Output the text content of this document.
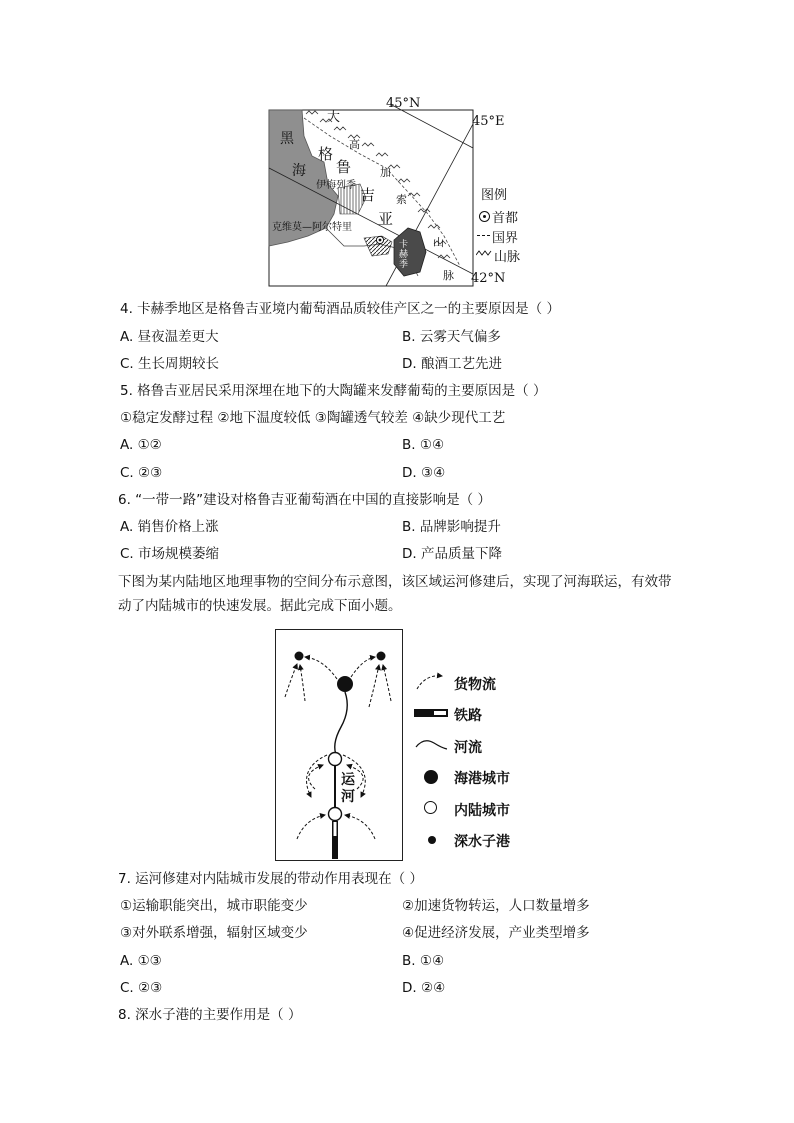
45°N
45°E
42°N
黑
海
大
高
加
索
山
脉
格
鲁
吉
亚
伊梅列季
克维莫—阿尔特里
卡赫季
图例
首都
国界
山脉
4. 卡赫季地区是格鲁吉亚境内葡萄酒品质较佳产区之一的主要原因是（ ）
A. 昼夜温差更大	B. 云雾天气偏多
C. 生长周期较长	D. 酿酒工艺先进
5. 格鲁吉亚居民采用深埋在地下的大陶罐来发酵葡萄的主要原因是（ ）
①稳定发酵过程 ②地下温度较低 ③陶罐透气较差 ④缺少现代工艺
A. ①②	B. ①④
C. ②③	D. ③④
6. “一带一路”建设对格鲁吉亚葡萄酒在中国的直接影响是（ ）
A. 销售价格上涨	B. 品牌影响提升
C. 市场规模萎缩	D. 产品质量下降
下图为某内陆地区地理事物的空间分布示意图，该区域运河修建后，实现了河海联运，有效带动了内陆城市的快速发展。据此完成下面小题。
运
河
货物流
铁路
河流
海港城市
内陆城市
深水子港
7. 运河修建对内陆城市发展的带动作用表现在（ ）
①运输职能突出，城市职能变少	②加速货物转运，人口数量增多
③对外联系增强，辐射区域变少	④促进经济发展，产业类型增多
A. ①③	B. ①④
C. ②③	D. ②④
8. 深水子港的主要作用是（ ）
